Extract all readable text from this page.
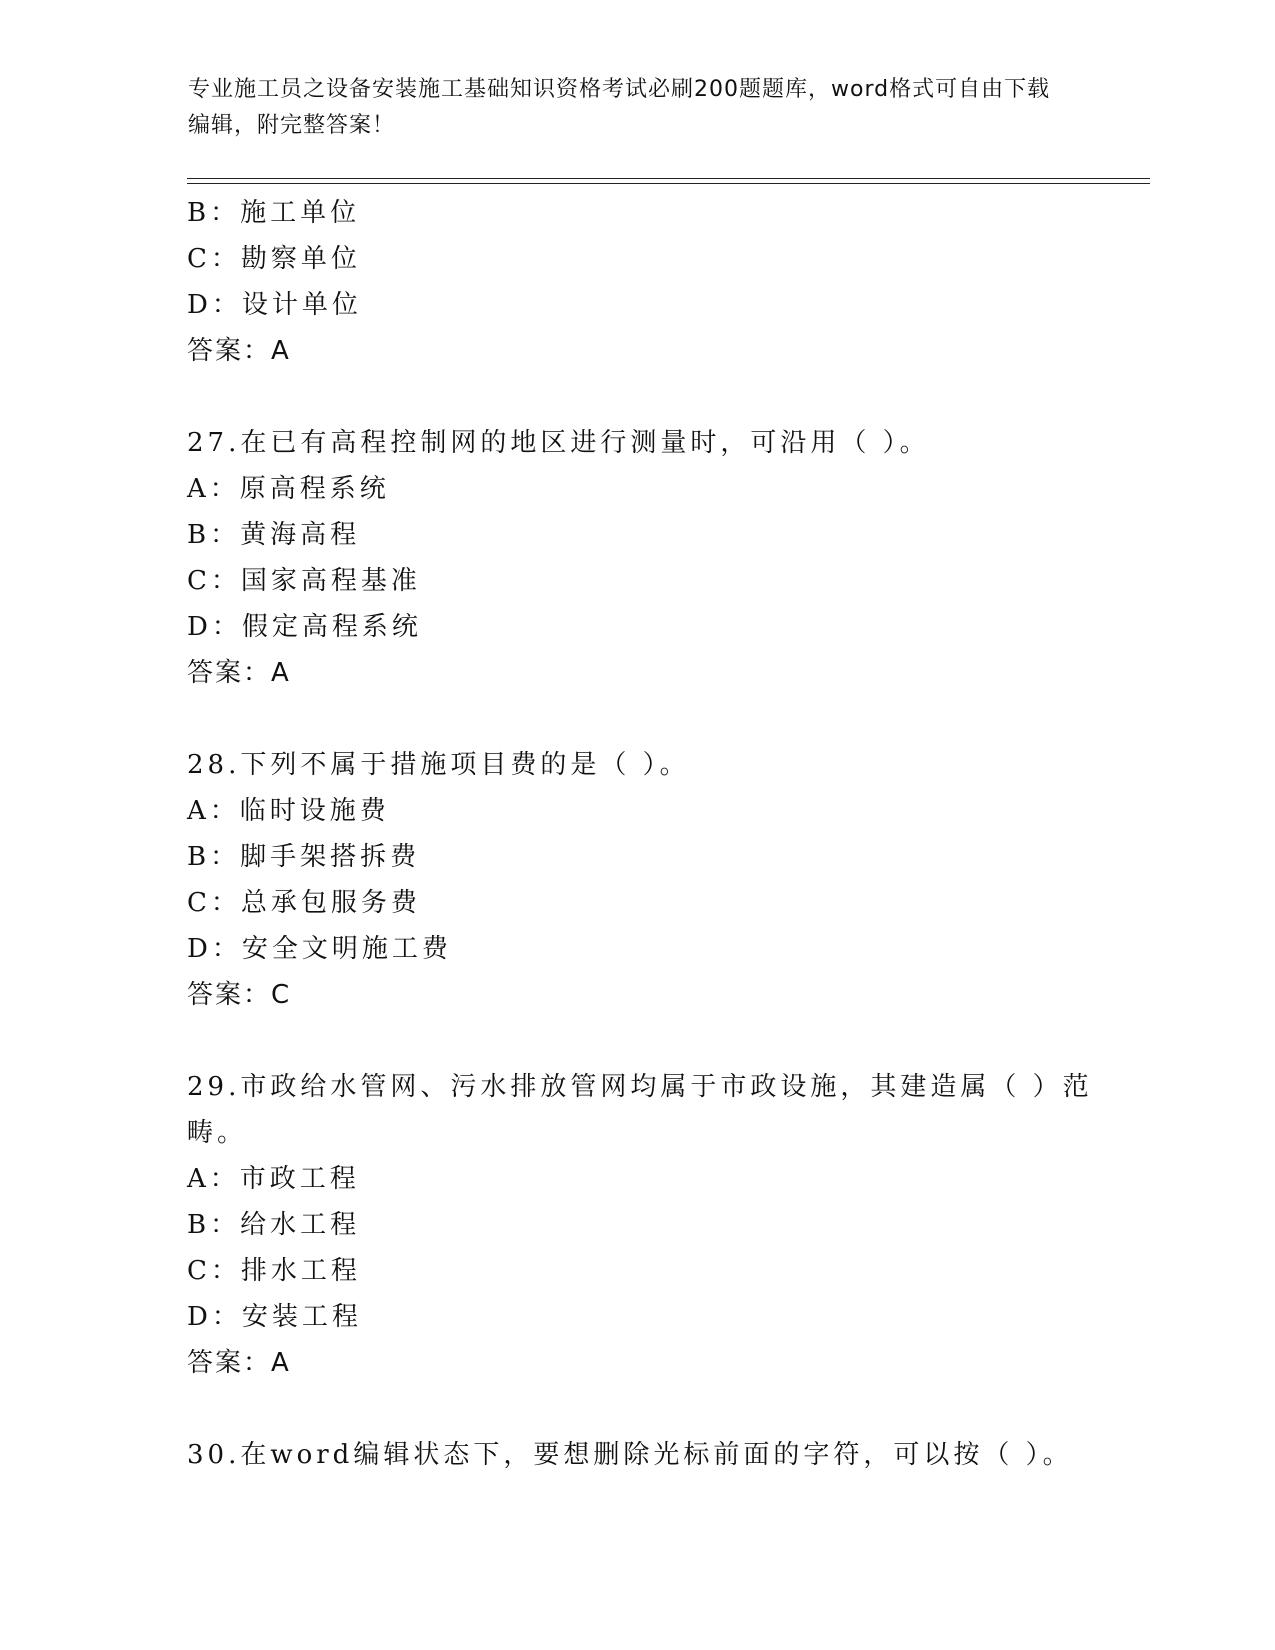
专业施工员之设备安装施工基础知识资格考试必刷200题题库，word格式可自由下载编辑，附完整答案！
B：施工单位
C：勘察单位
D：设计单位
答案：A
27.在已有高程控制网的地区进行测量时，可沿用（ ）。
A：原高程系统
B：黄海高程
C：国家高程基准
D：假定高程系统
答案：A
28.下列不属于措施项目费的是（ ）。
A：临时设施费
B：脚手架搭拆费
C：总承包服务费
D：安全文明施工费
答案：C
29.市政给水管网、污水排放管网均属于市政设施，其建造属（ ）范
畴。
A：市政工程
B：给水工程
C：排水工程
D：安装工程
答案：A
30.在word编辑状态下，要想删除光标前面的字符，可以按（ ）。
